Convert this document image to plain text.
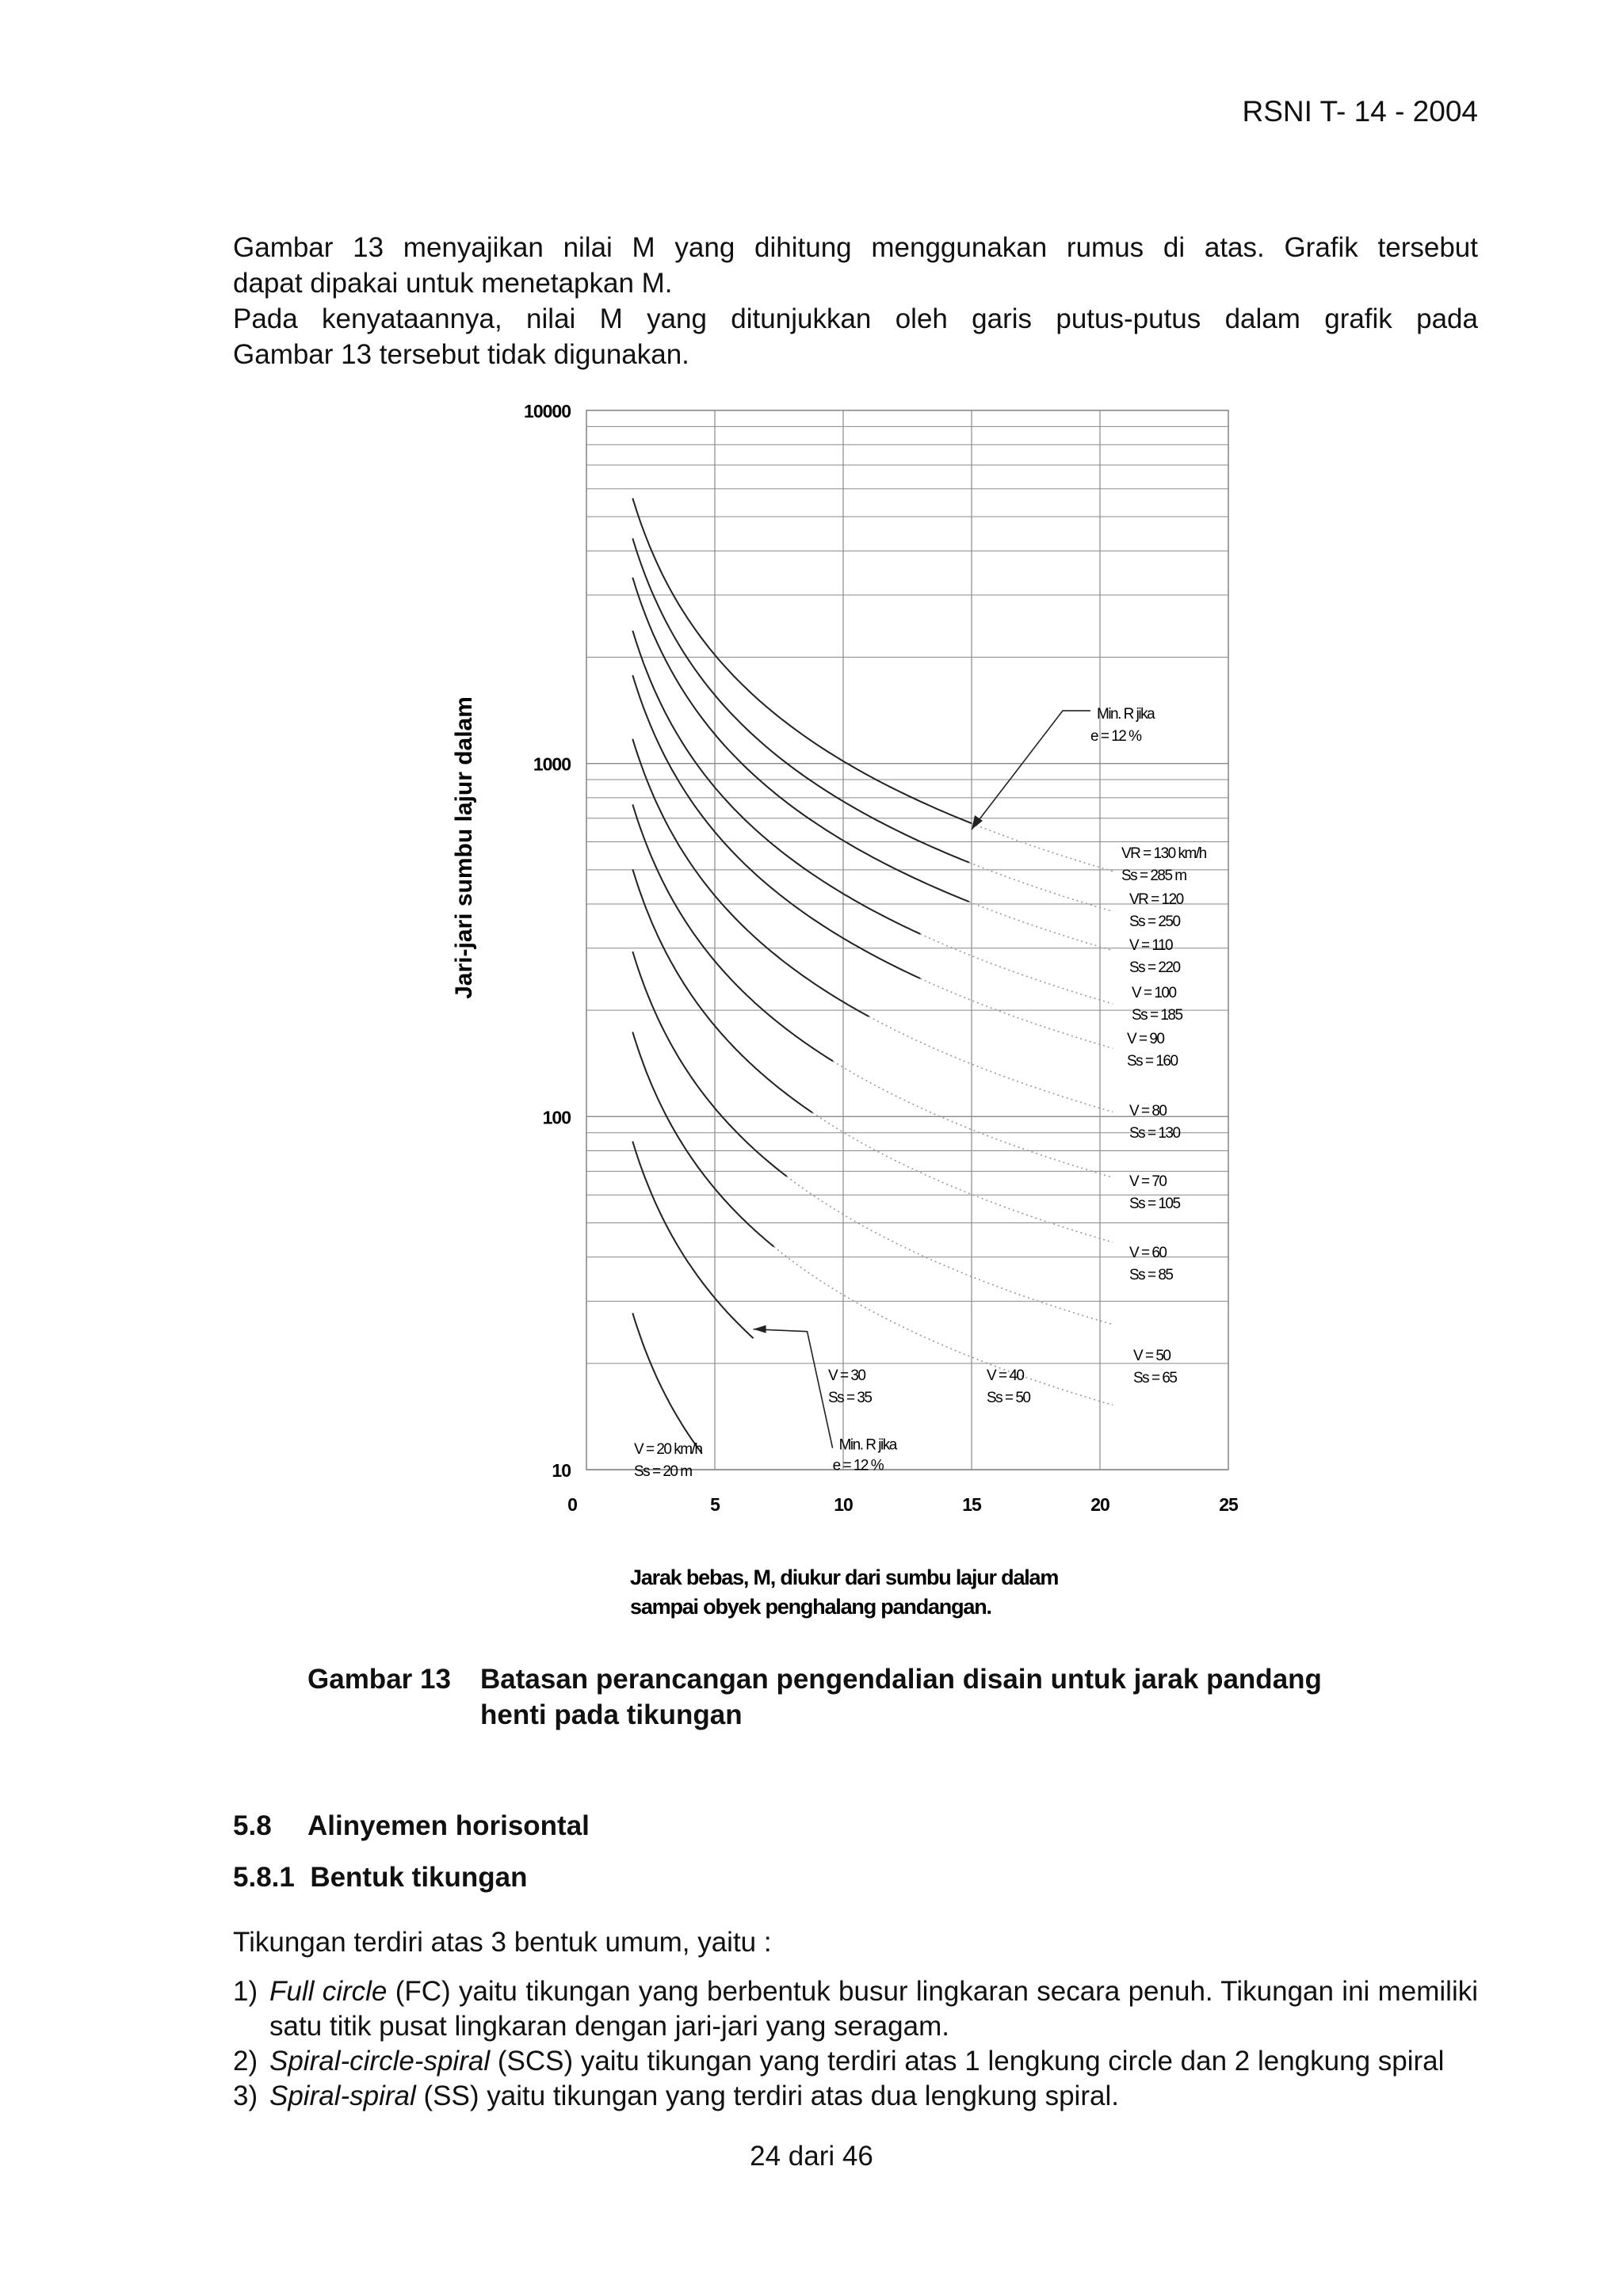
RSNI T- 14 - 2004
Gambar 13 menyajikan nilai M yang dihitung menggunakan rumus di atas. Grafik tersebut
dapat dipakai untuk menetapkan M.
Pada kenyataannya, nilai M yang ditunjukkan oleh garis putus-putus dalam grafik pada
Gambar 13 tersebut tidak digunakan.
V = 20 km/h
Ss = 20 m
V = 30
Ss = 35
V = 40
Ss = 50
V = 50
Ss = 65
V = 60
Ss = 85
V = 70
Ss = 105
V = 80
Ss = 130
V = 90
Ss = 160
V = 100
Ss = 185
V = 110
Ss = 220
VR = 120
Ss = 250
VR = 130 km/h
Ss = 285 m
10
100
1000
10000
0	5	10	15	20	25
Min. R jika
e = 12 %
Min. R jika
e = 12 %
Jari-jari sumbu lajur dalam
Jarak bebas, M, diukur dari sumbu lajur dalam
sampai obyek penghalang pandangan.
Gambar 13 Batasan perancangan pengendalian disain untuk jarak pandang
henti pada tikungan
5.8 Alinyemen horisontal
5.8.1 Bentuk tikungan
Tikungan terdiri atas 3 bentuk umum, yaitu :
1) Full circle (FC) yaitu tikungan yang berbentuk busur lingkaran secara penuh. Tikungan ini memiliki satu titik pusat lingkaran dengan jari-jari yang seragam.
2) Spiral-circle-spiral (SCS) yaitu tikungan yang terdiri atas 1 lengkung circle dan 2 lengkung spiral
3) Spiral-spiral (SS) yaitu tikungan yang terdiri atas dua lengkung spiral.
24 dari 46
